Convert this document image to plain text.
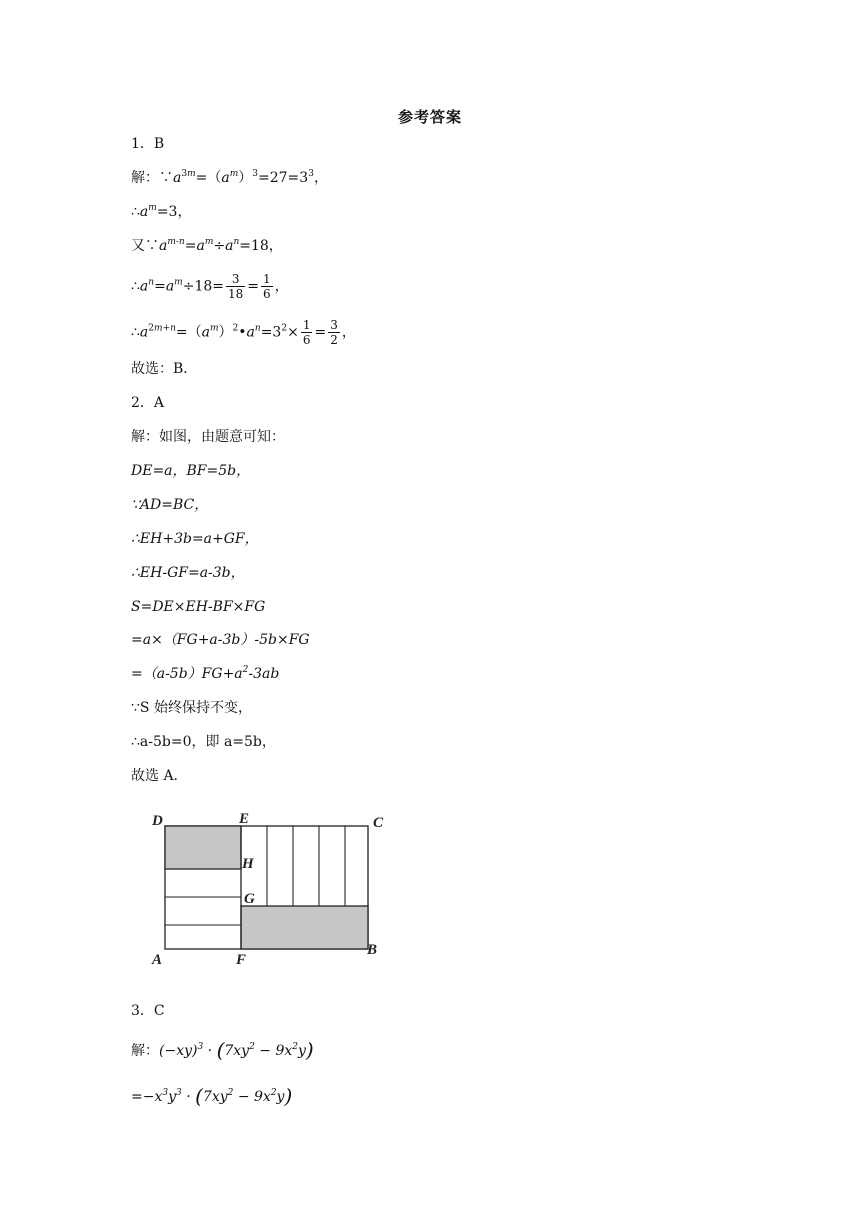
参考答案
1．B
解：$\because a^{3m}=(a^m)^3=27=3^3$，
$\therefore a^m=3$，
又$\because a^{m-n}=a^m\div a^n=18$，
$\therefore a^n=a^m\div 18= \frac{3}{18} = \frac{1}{6}$ ，
$\therefore a^{2m+n}=(a^m)^2•a^n=3^2\times \frac{1}{6} = \frac{3}{2}$ ，
故选：B．
2．A
解：如图，由题意可知：
DE=a，BF=5b，
∵AD=BC，
∴EH+3b=a+GF，
∴EH-GF=a-3b，
S=DE×EH-BF×FG
=a×（FG+a-3b）-5b×FG
$=(a-5b)FG+a^2-3ab$
∵S 始终保持不变，
∴a-5b=0，即 a=5b，
故选 A．
D	E	C
H
G
A	F
B
3．C
解：$(-xy)^3 \cdot (7xy^2 - 9x^2y)$
$=-x^3y^3 \cdot (7xy^2 - 9x^2y)$
